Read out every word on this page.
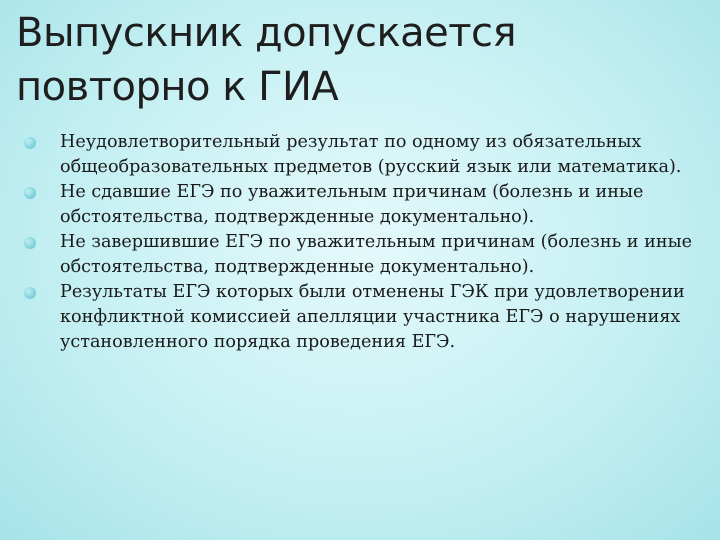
Выпускник допускается
повторно к ГИА
Неудовлетворительный результат по одному из обязательных общеобразовательных предметов (русский язык или математика).
Не сдавшие ЕГЭ по уважительным причинам (болезнь и иные обстоятельства, подтвержденные документально).
Не завершившие ЕГЭ по уважительным причинам (болезнь и иные обстоятельства, подтвержденные документально).
Результаты ЕГЭ которых были отменены ГЭК при удовлетворении конфликтной комиссией апелляции участника ЕГЭ о нарушениях установленного порядка проведения ЕГЭ.
